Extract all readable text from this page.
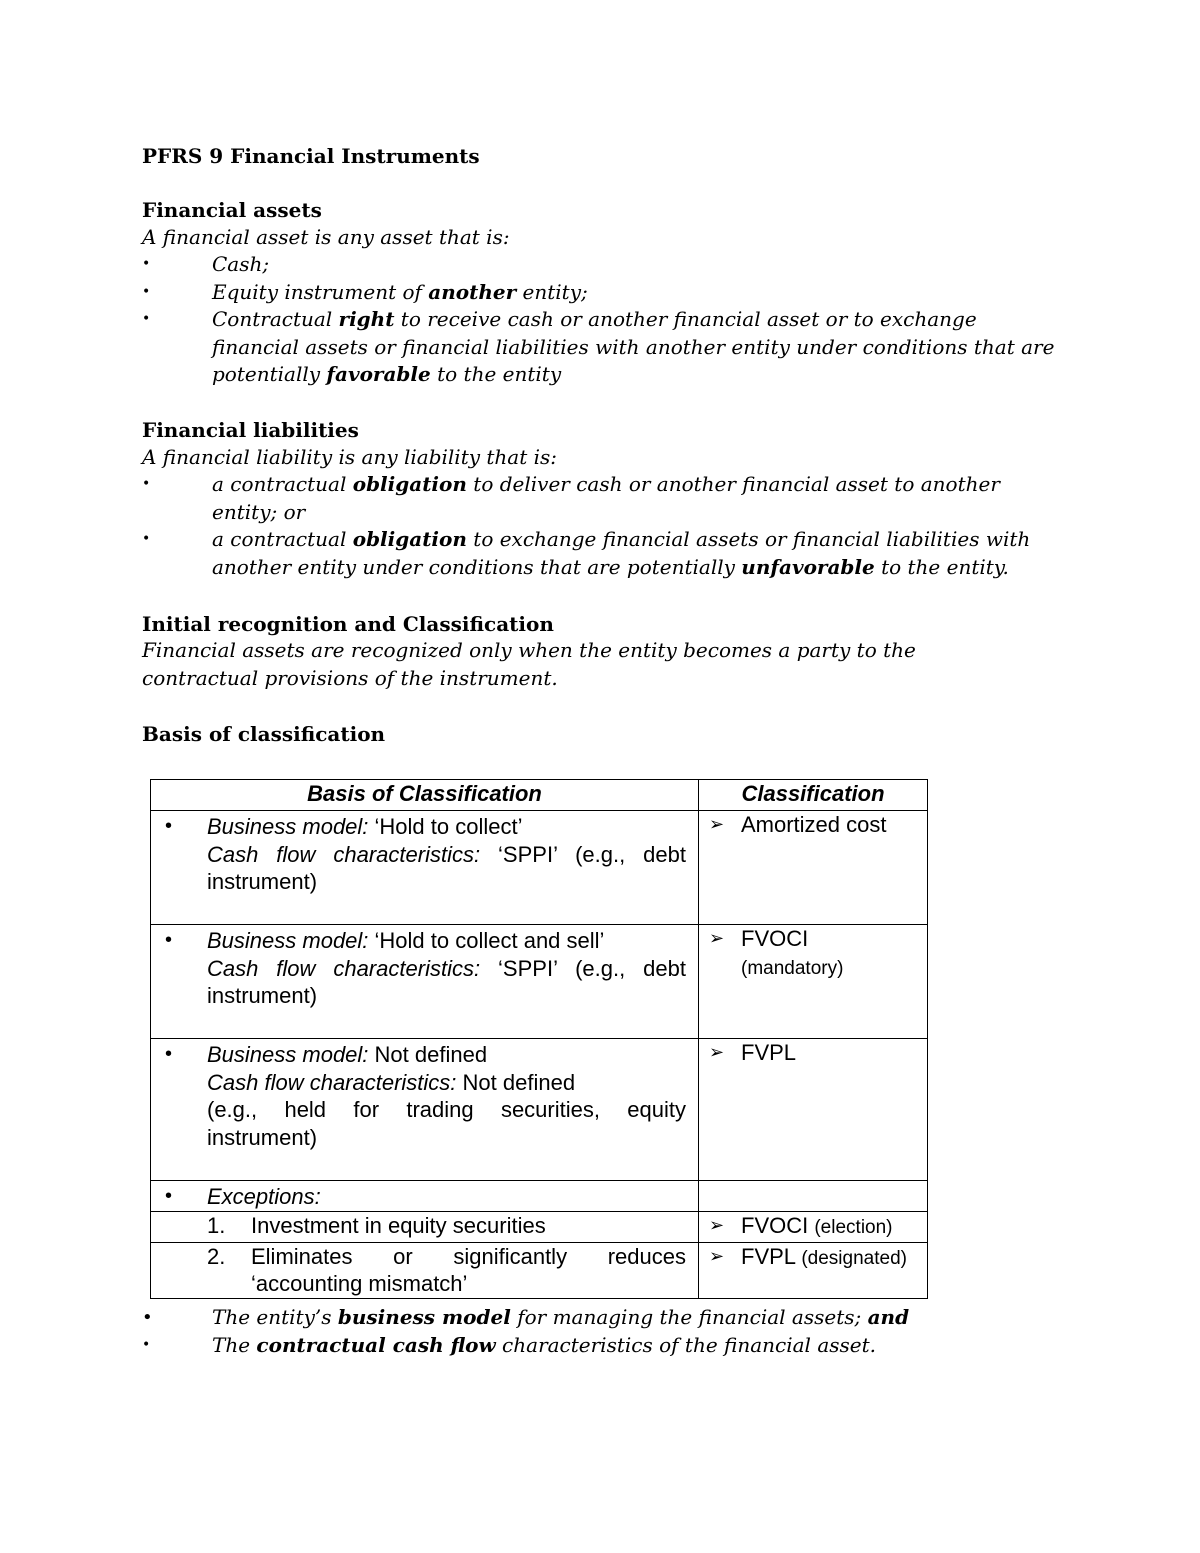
PFRS 9 Financial Instruments
Financial assets
A financial asset is any asset that is:
•	Cash;
•	Equity instrument of another entity;
•	Contractual right to receive cash or another financial asset or to exchange financial assets or financial liabilities with another entity under conditions that are potentially favorable to the entity
Financial liabilities
A financial liability is any liability that is:
•	a contractual obligation to deliver cash or another financial asset to another entity; or
•	a contractual obligation to exchange financial assets or financial liabilities with another entity under conditions that are potentially unfavorable to the entity.
Initial recognition and Classification
Financial assets are recognized only when the entity becomes a party to the contractual provisions of the instrument.
Basis of classification
Basis of Classification	Classification

• Business model: ‘Hold to collect’
Cash flow characteristics: ‘SPPI’ (e.g., debt instrument)	➢ Amortized cost

• Business model: ‘Hold to collect and sell’
Cash flow characteristics: ‘SPPI’ (e.g., debt instrument)	➢ FVOCI
(mandatory)

• Business model: Not defined
Cash flow characteristics: Not defined
(e.g., held for trading securities, equity instrument)	➢ FVPL

• Exceptions:	

1. Investment in equity securities	➢ FVOCI (election)

2. Eliminates or significantly reduces ‘accounting mismatch’	➢ FVPL (designated)
•	The entity’s business model for managing the financial assets; and
•	The contractual cash flow characteristics of the financial asset.
